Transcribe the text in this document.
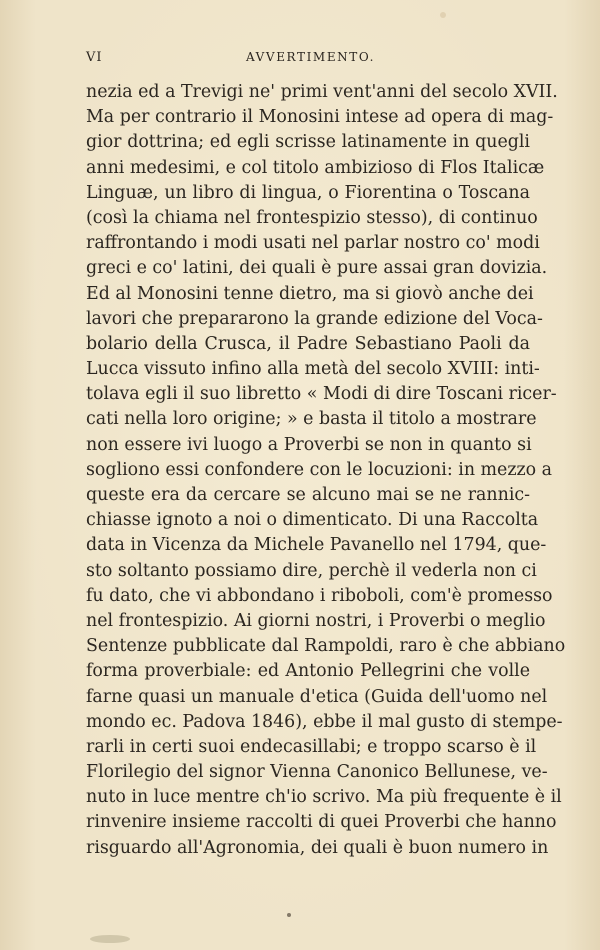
VI	AVVERTIMENTO.
nezia ed a Trevigi ne' primi vent'anni del secolo XVII.
Ma per contrario il Monosini intese ad opera di mag-
gior dottrina; ed egli scrisse latinamente in quegli
anni medesimi, e col titolo ambizioso di Flos Italicæ
Linguæ, un libro di lingua, o Fiorentina o Toscana
(così la chiama nel frontespizio stesso), di continuo
raffrontando i modi usati nel parlar nostro co' modi
greci e co' latini, dei quali è pure assai gran dovizia.
Ed al Monosini tenne dietro, ma si giovò anche dei
lavori che prepararono la grande edizione del Voca-
bolario della Crusca, il Padre Sebastiano Paoli da
Lucca vissuto infino alla metà del secolo XVIII: inti-
tolava egli il suo libretto « Modi di dire Toscani ricer-
cati nella loro origine; » e basta il titolo a mostrare
non essere ivi luogo a Proverbi se non in quanto si
sogliono essi confondere con le locuzioni: in mezzo a
queste era da cercare se alcuno mai se ne rannic-
chiasse ignoto a noi o dimenticato. Di una Raccolta
data in Vicenza da Michele Pavanello nel 1794, que-
sto soltanto possiamo dire, perchè il vederla non ci
fu dato, che vi abbondano i riboboli, com'è promesso
nel frontespizio. Ai giorni nostri, i Proverbi o meglio
Sentenze pubblicate dal Rampoldi, raro è che abbiano
forma proverbiale: ed Antonio Pellegrini che volle
farne quasi un manuale d'etica (Guida dell'uomo nel
mondo ec. Padova 1846), ebbe il mal gusto di stempe-
rarli in certi suoi endecasillabi; e troppo scarso è il
Florilegio del signor Vienna Canonico Bellunese, ve-
nuto in luce mentre ch'io scrivo. Ma più frequente è il
rinvenire insieme raccolti di quei Proverbi che hanno
risguardo all'Agronomia, dei quali è buon numero in
